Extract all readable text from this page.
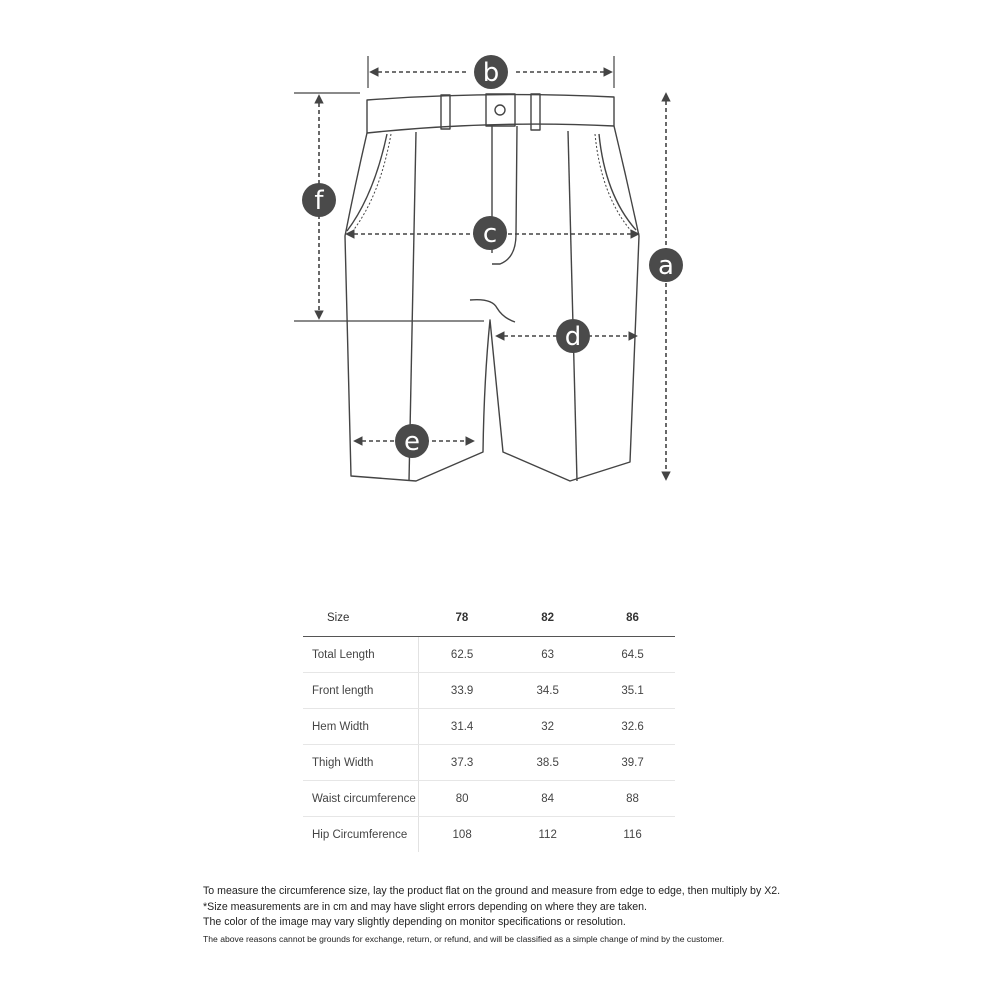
a
b
c
d
e
f
Size	78	82	86
Total Length	62.5	63	64.5
Front length	33.9	34.5	35.1
Hem Width	31.4	32	32.6
Thigh Width	37.3	38.5	39.7
Waist circumference	80	84	88
Hip Circumference	108	112	116
To measure the circumference size, lay the product flat on the ground and measure from edge to edge, then multiply by X2.
*Size measurements are in cm and may have slight errors depending on where they are taken.
The color of the image may vary slightly depending on monitor specifications or resolution.
The above reasons cannot be grounds for exchange, return, or refund, and will be classified as a simple change of mind by the customer.
